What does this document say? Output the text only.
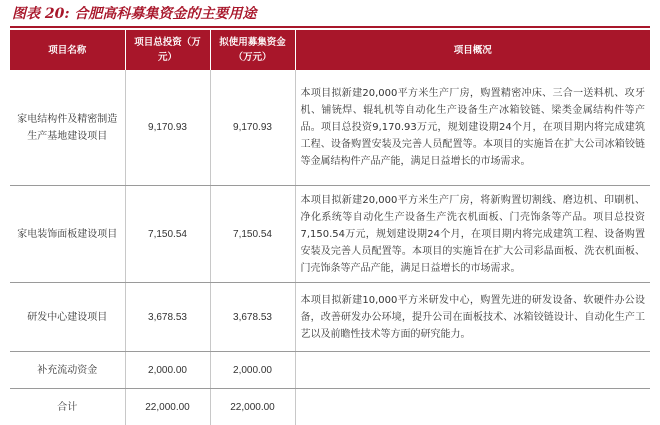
图表 20: 合肥高科募集资金的主要用途
项目名称	项目总投资（万元）	拟使用募集资金（万元）	项目概况
家电结构件及精密制造生产基地建设项目	9,170.93	9,170.93	本项目拟新建20,000平方米生产厂房，购置精密冲床、三合一送料机、攻牙机、铺铳焊、辊轧机等自动化生产设备生产冰箱铰链、梁类金属结构件等产品。项目总投资9,170.93万元，规划建设期24个月，在项目期内将完成建筑工程、设备购置安装及完善人员配置等。本项目的实施旨在扩大公司冰箱铰链等金属结构件产品产能，满足日益增长的市场需求。
家电装饰面板建设项目	7,150.54	7,150.54	本项目拟新建20,000平方米生产厂房，将新购置切割线、磨边机、印刷机、净化系统等自动化生产设备生产洗衣机面板、门壳饰条等产品。项目总投资7,150.54万元，规划建设期24个月，在项目期内将完成建筑工程、设备购置安装及完善人员配置等。本项目的实施旨在扩大公司彩晶面板、洗衣机面板、门壳饰条等产品产能，满足日益增长的市场需求。
研发中心建设项目	3,678.53	3,678.53	本项目拟新建10,000平方米研发中心，购置先进的研发设备、软硬件办公设备，改善研发办公环境，提升公司在面板技术、冰箱铰链设计、自动化生产工艺以及前瞻性技术等方面的研究能力。
补充流动资金	2,000.00	2,000.00	
合计	22,000.00	22,000.00	
